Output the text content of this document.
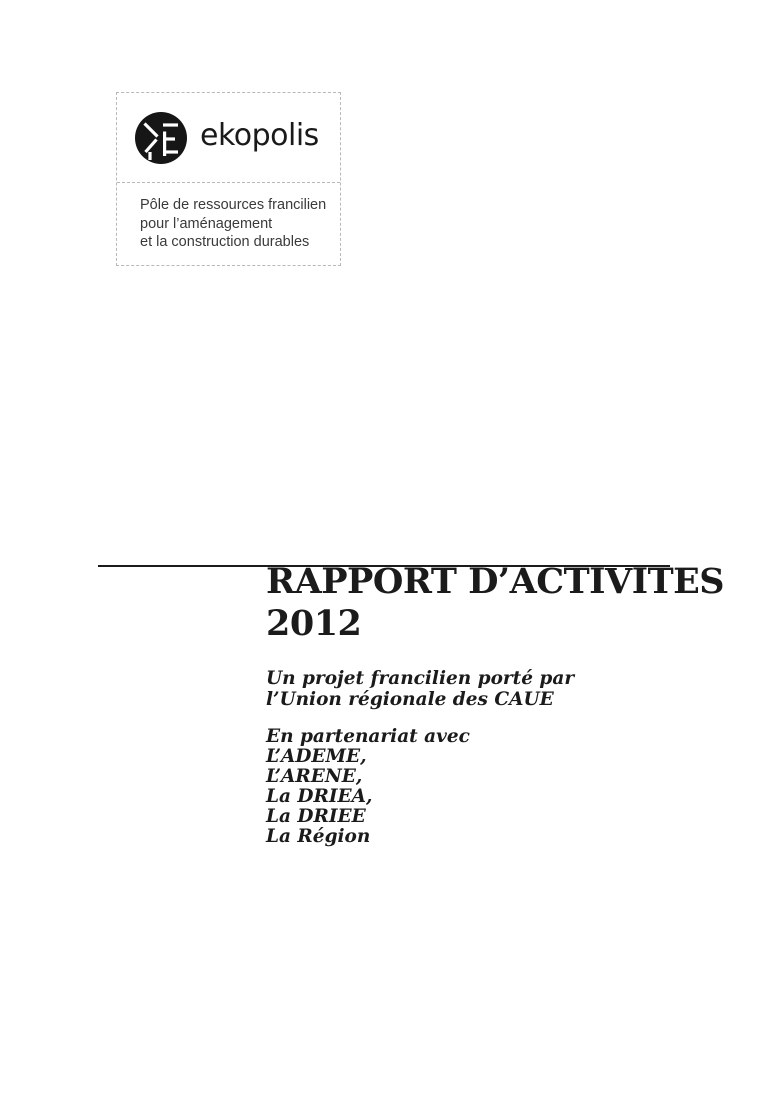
ekopolis
Pôle de ressources francilien
pour l’aménagement
et la construction durables
RAPPORT D’ACTIVITES
2012
Un projet francilien porté par
l’Union régionale des CAUE
En partenariat avec
L’ADEME,
L’ARENE,
La DRIEA,
La DRIEE
La Région
